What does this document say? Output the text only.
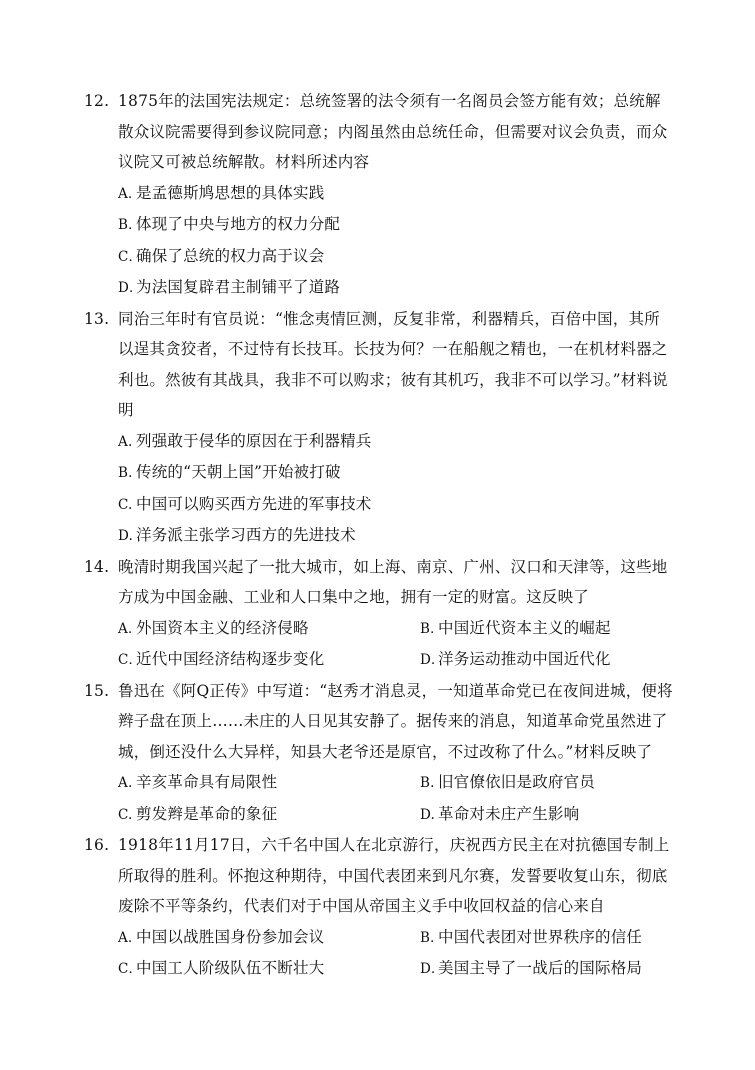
12. 1875年的法国宪法规定：总统签署的法令须有一名阁员会签方能有效；总统解散众议院需要得到参议院同意；内阁虽然由总统任命，但需要对议会负责，而众议院又可被总统解散。材料所述内容
A．是孟德斯鸠思想的具体实践
B．体现了中央与地方的权力分配
C．确保了总统的权力高于议会
D．为法国复辟君主制铺平了道路
13. 同治三年时有官员说：“惟念夷情叵测，反复非常，利器精兵，百倍中国，其所以逞其贪狡者，不过恃有长技耳。长技为何？一在船舰之精也，一在机材料器之利也。然彼有其战具，我非不可以购求；彼有其机巧，我非不可以学习。”材料说明
A. 列强敢于侵华的原因在于利器精兵
B. 传统的“天朝上国”开始被打破
C. 中国可以购买西方先进的军事技术
D. 洋务派主张学习西方的先进技术
14. 晚清时期我国兴起了一批大城市，如上海、南京、广州、汉口和天津等，这些地方成为中国金融、工业和人口集中之地，拥有一定的财富。这反映了
A．外国资本主义的经济侵略	B．中国近代资本主义的崛起
C．近代中国经济结构逐步变化	D．洋务运动推动中国近代化
15. 鲁迅在《阿Q正传》中写道：“赵秀才消息灵，一知道革命党已在夜间进城，便将辫子盘在顶上……未庄的人日见其安静了。据传来的消息，知道革命党虽然进了城，倒还没什么大异样，知县大老爷还是原官，不过改称了什么。”材料反映了
A. 辛亥革命具有局限性	B. 旧官僚依旧是政府官员
C. 剪发辫是革命的象征	D. 革命对未庄产生影响
16. 1918年11月17日，六千名中国人在北京游行，庆祝西方民主在对抗德国专制上所取得的胜利。怀抱这种期待，中国代表团来到凡尔赛，发誓要收复山东，彻底废除不平等条约，代表们对于中国从帝国主义手中收回权益的信心来自
A．中国以战胜国身份参加会议	B．中国代表团对世界秩序的信任
C．中国工人阶级队伍不断壮大	D．美国主导了一战后的国际格局
